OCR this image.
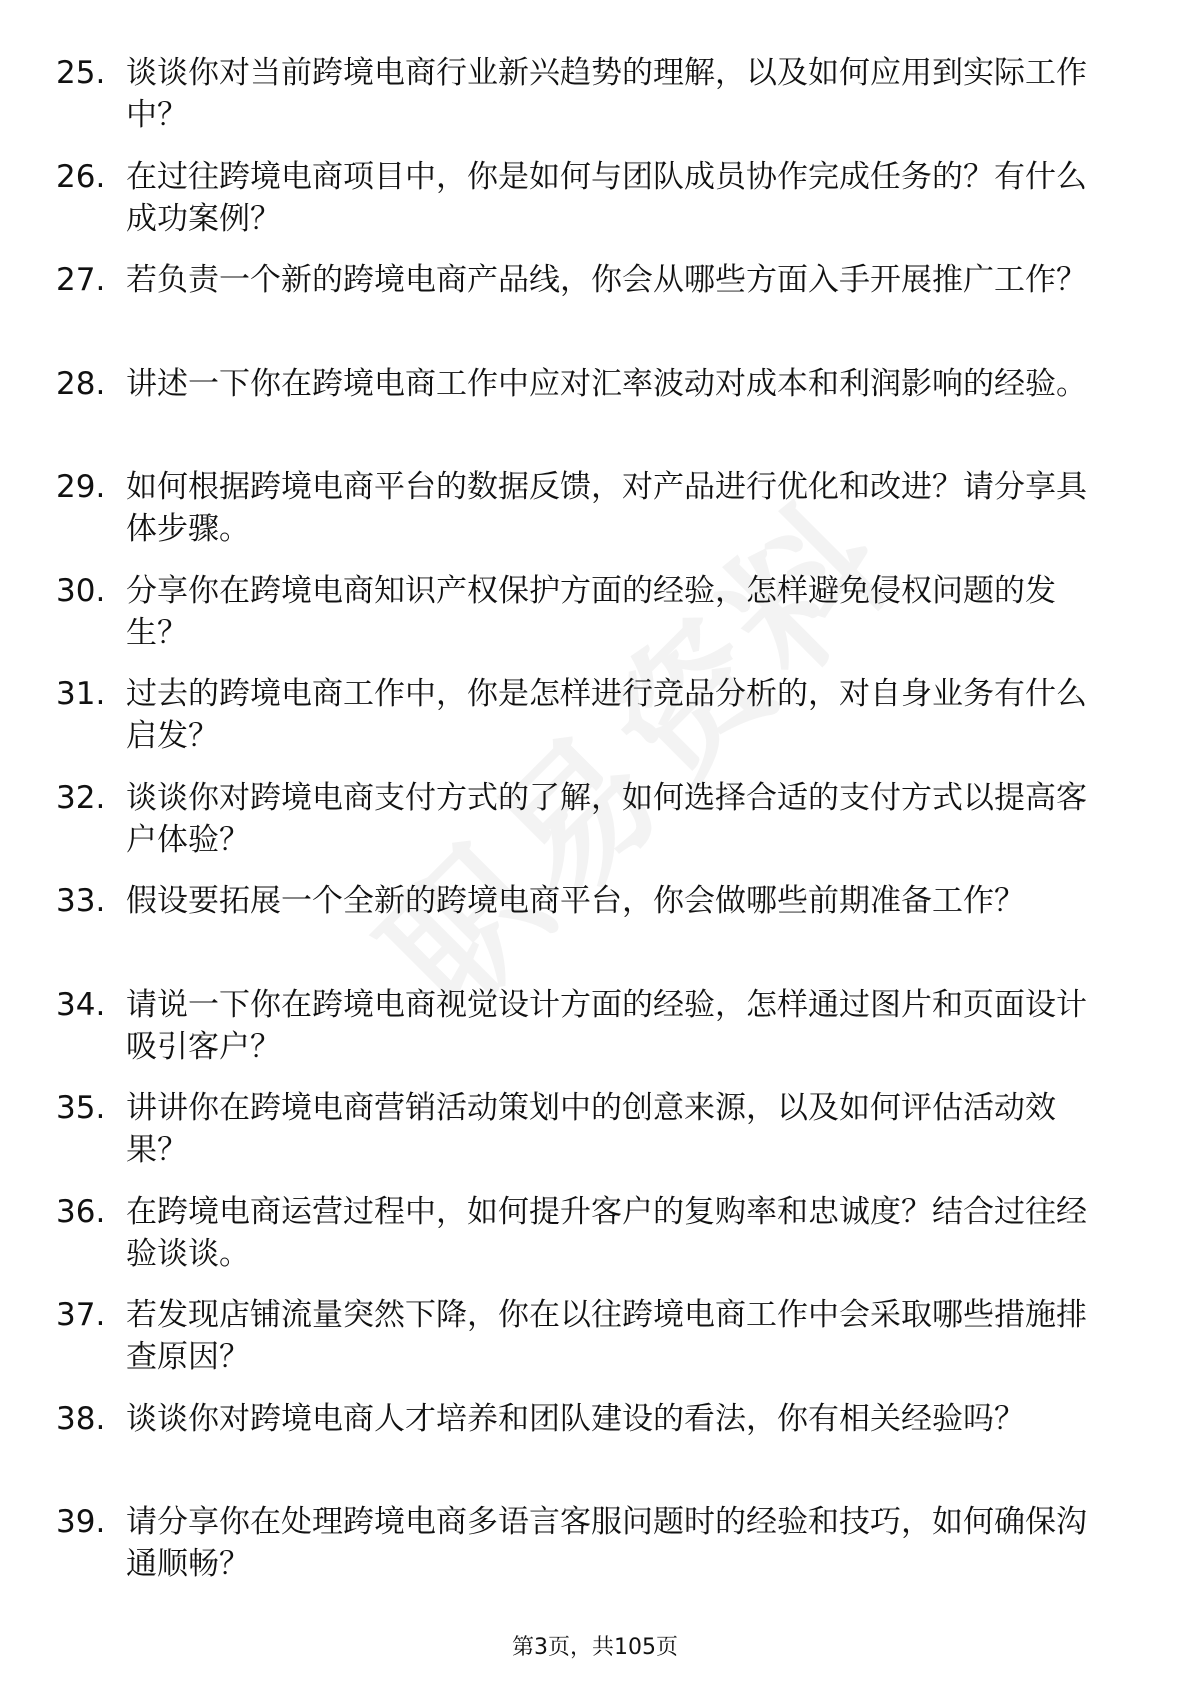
25. 谈谈你对当前跨境电商行业新兴趋势的理解，以及如何应用到实际工作中？
26. 在过往跨境电商项目中，你是如何与团队成员协作完成任务的？有什么成功案例？
27. 若负责一个新的跨境电商产品线，你会从哪些方面入手开展推广工作？
28. 讲述一下你在跨境电商工作中应对汇率波动对成本和利润影响的经验。
29. 如何根据跨境电商平台的数据反馈，对产品进行优化和改进？请分享具体步骤。
30. 分享你在跨境电商知识产权保护方面的经验，怎样避免侵权问题的发生？
31. 过去的跨境电商工作中，你是怎样进行竞品分析的，对自身业务有什么启发？
32. 谈谈你对跨境电商支付方式的了解，如何选择合适的支付方式以提高客户体验？
33. 假设要拓展一个全新的跨境电商平台，你会做哪些前期准备工作？
34. 请说一下你在跨境电商视觉设计方面的经验，怎样通过图片和页面设计吸引客户？
35. 讲讲你在跨境电商营销活动策划中的创意来源，以及如何评估活动效果？
36. 在跨境电商运营过程中，如何提升客户的复购率和忠诚度？结合过往经验谈谈。
37. 若发现店铺流量突然下降，你在以往跨境电商工作中会采取哪些措施排查原因？
38. 谈谈你对跨境电商人才培养和团队建设的看法，你有相关经验吗？
39. 请分享你在处理跨境电商多语言客服问题时的经验和技巧，如何确保沟通顺畅？
第3页，共105页
